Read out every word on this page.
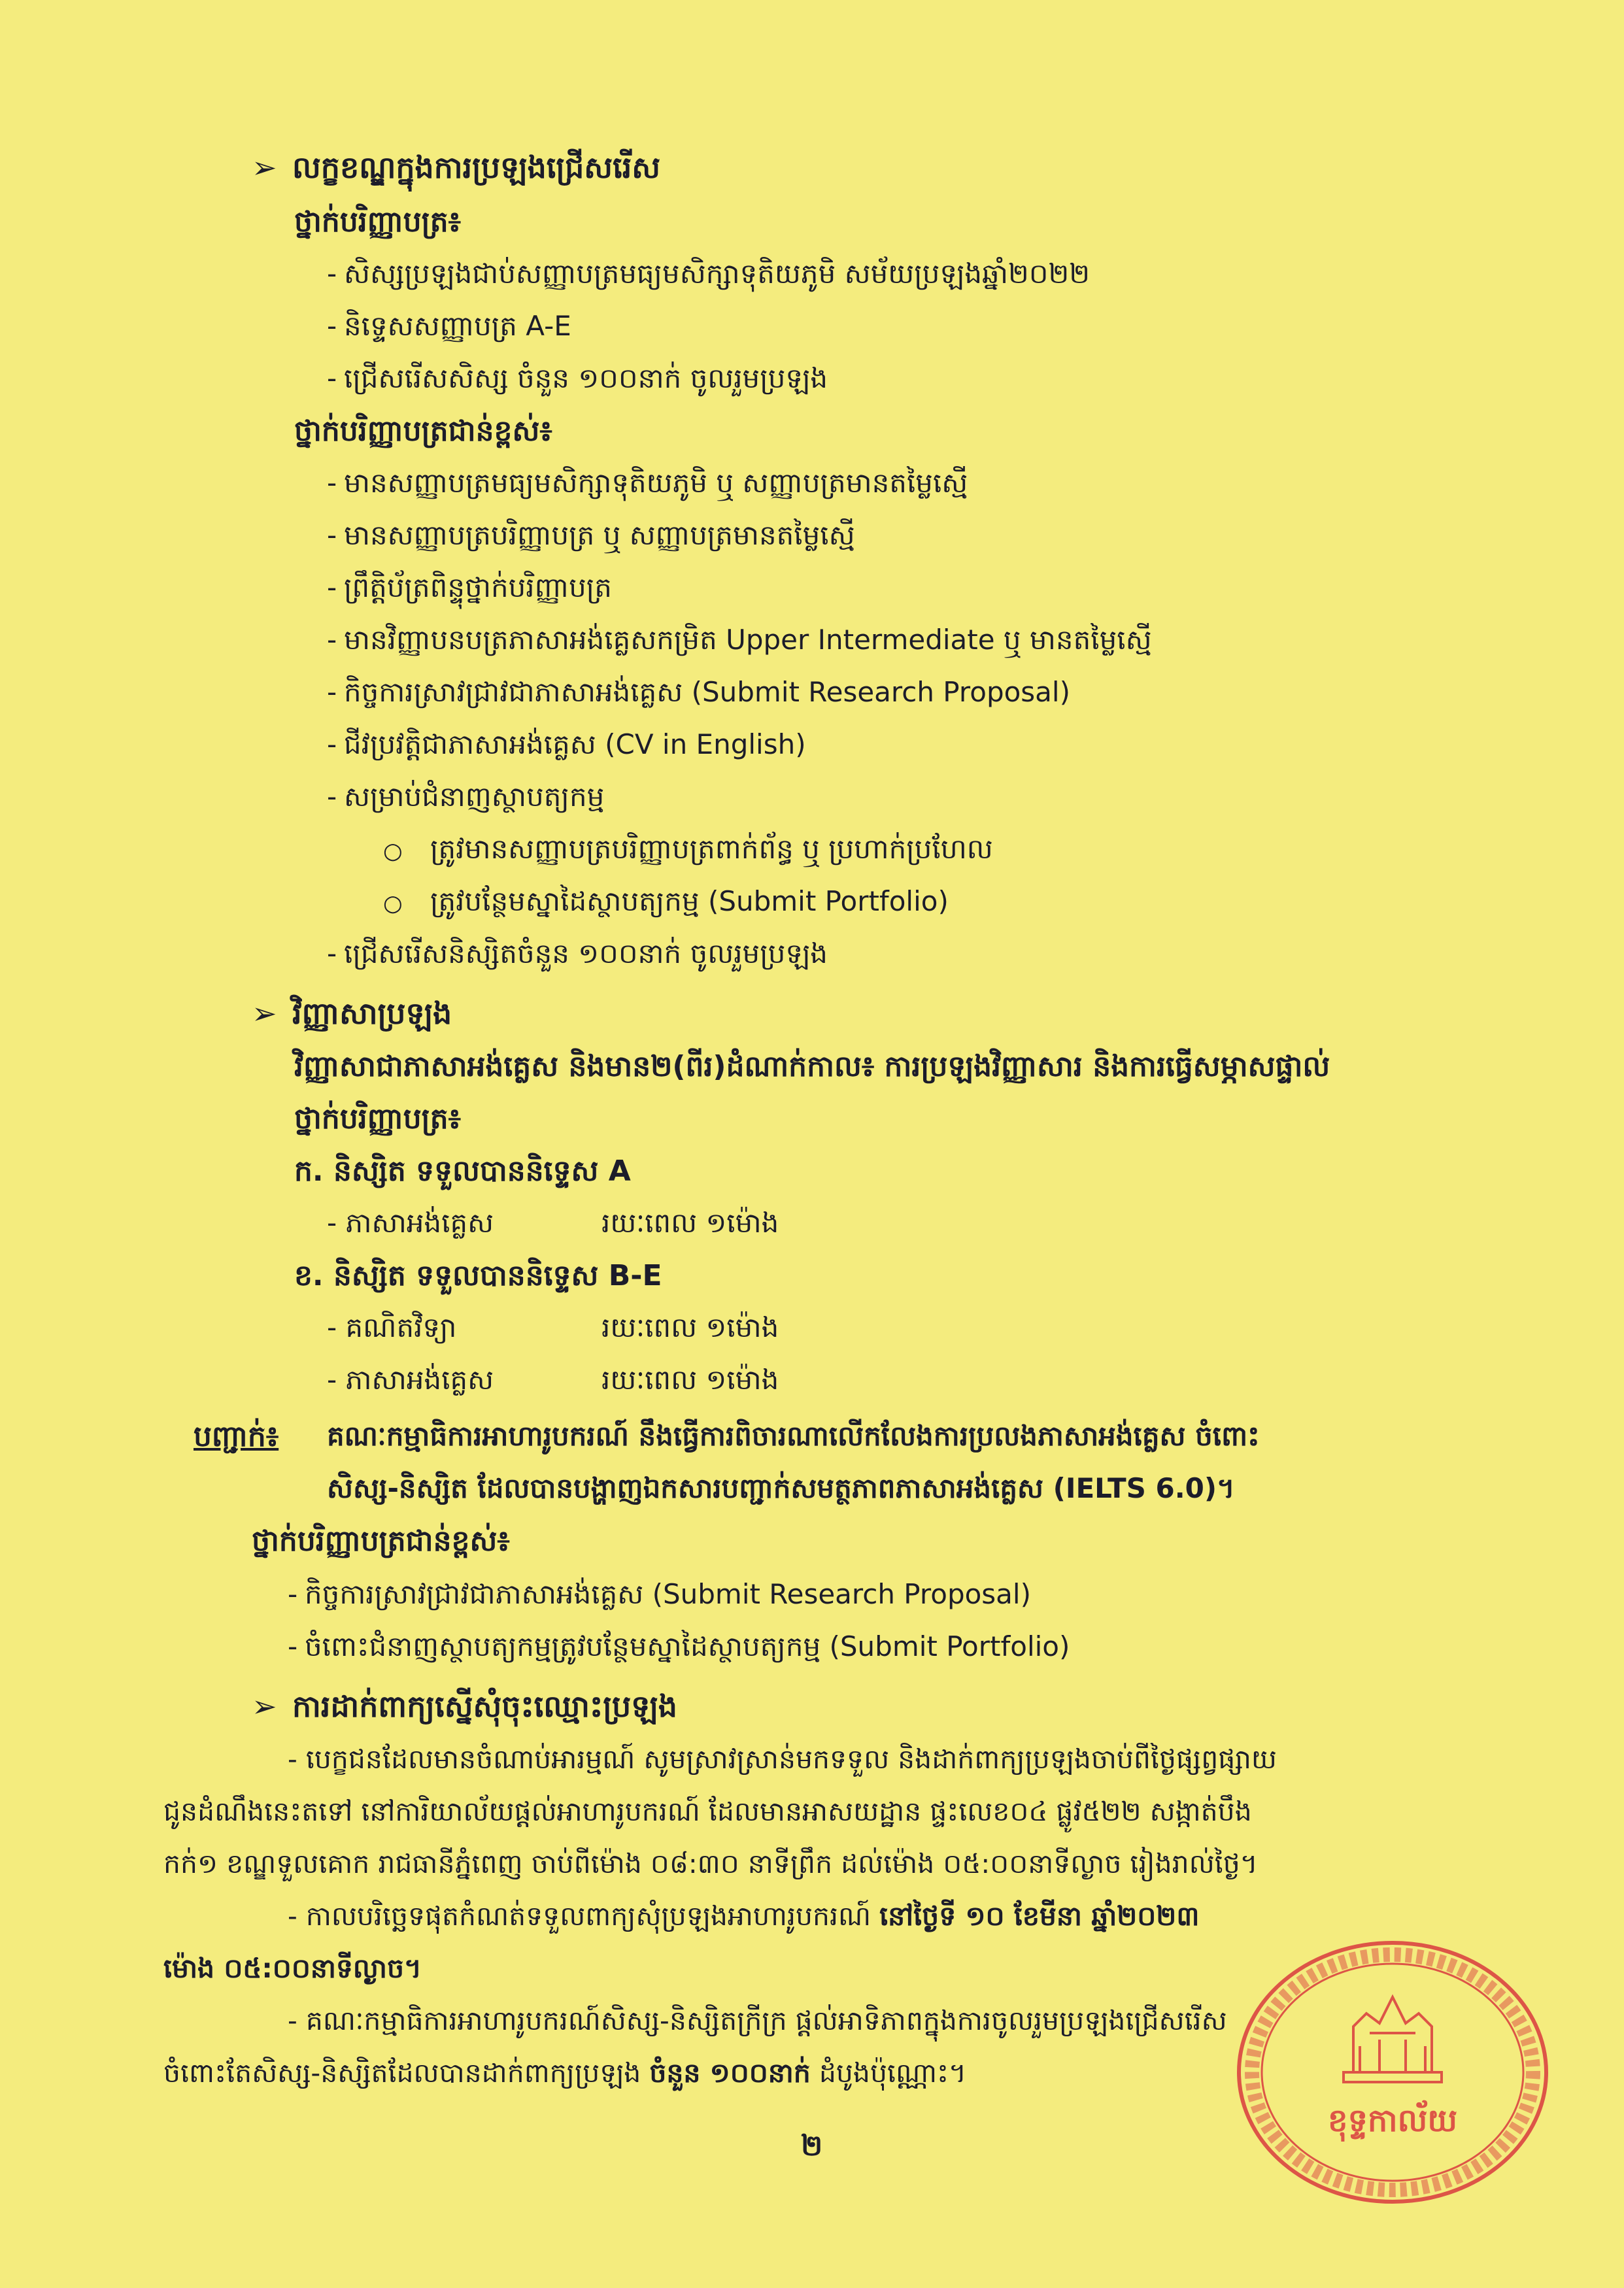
➢ លក្ខខណ្ឌក្នុងការប្រឡងជ្រើសរើស
ថ្នាក់បរិញ្ញាបត្រ៖
- សិស្សប្រឡងជាប់សញ្ញាបត្រមធ្យមសិក្សាទុតិយភូមិ សម័យប្រឡងឆ្នាំ២០២២
- និទ្ទេសសញ្ញាបត្រ A-E
- ជ្រើសរើសសិស្ស ចំនួន ១០០នាក់ ចូលរួមប្រឡង
ថ្នាក់បរិញ្ញាបត្រជាន់ខ្ពស់៖
- មានសញ្ញាបត្រមធ្យមសិក្សាទុតិយភូមិ ឬ សញ្ញាបត្រមានតម្លៃស្មើ
- មានសញ្ញាបត្របរិញ្ញាបត្រ ឬ សញ្ញាបត្រមានតម្លៃស្មើ
- ព្រឹត្តិប័ត្រពិន្ទុថ្នាក់បរិញ្ញាបត្រ
- មានវិញ្ញាបនបត្រភាសាអង់គ្លេសកម្រិត Upper Intermediate ឬ មានតម្លៃស្មើ
- កិច្ចការស្រាវជ្រាវជាភាសាអង់គ្លេស (Submit Research Proposal)
- ជីវប្រវត្តិជាភាសាអង់គ្លេស (CV in English)
- សម្រាប់ជំនាញស្ថាបត្យកម្ម
○ ត្រូវមានសញ្ញាបត្របរិញ្ញាបត្រពាក់ព័ន្ធ ឬ ប្រហាក់ប្រហែល
○ ត្រូវបន្ថែមស្នាដៃស្ថាបត្យកម្ម (Submit Portfolio)
- ជ្រើសរើសនិស្សិតចំនួន ១០០នាក់ ចូលរួមប្រឡង
➢ វិញ្ញាសាប្រឡង
វិញ្ញាសាជាភាសាអង់គ្លេស និងមាន២(ពីរ)ដំណាក់កាល៖ ការប្រឡងវិញ្ញាសារ និងការធ្វើសម្ភាសផ្ទាល់
ថ្នាក់បរិញ្ញាបត្រ៖
ក. និស្សិត ទទួលបាននិទ្ទេស A
- ភាសាអង់គ្លេស	រយៈពេល ១ម៉ោង
ខ. និស្សិត ទទួលបាននិទ្ទេស B-E
- គណិតវិទ្យា	រយៈពេល ១ម៉ោង
- ភាសាអង់គ្លេស	រយៈពេល ១ម៉ោង
បញ្ជាក់៖ គណៈកម្មាធិការអាហារូបករណ៍ នឹងធ្វើការពិចារណាលើកលែងការប្រលងភាសាអង់គ្លេស ចំពោះ
សិស្ស-និស្សិត ដែលបានបង្ហាញឯកសារបញ្ជាក់សមត្ថភាពភាសាអង់គ្លេស (IELTS 6.0)។
ថ្នាក់បរិញ្ញាបត្រជាន់ខ្ពស់៖
- កិច្ចការស្រាវជ្រាវជាភាសាអង់គ្លេស (Submit Research Proposal)
- ចំពោះជំនាញស្ថាបត្យកម្មត្រូវបន្ថែមស្នាដៃស្ថាបត្យកម្ម (Submit Portfolio)
➢ ការដាក់ពាក្យស្នើសុំចុះឈ្មោះប្រឡង
- បេក្ខជនដែលមានចំណាប់អារម្មណ៍ សូមស្រាវស្រាន់មកទទួល និងដាក់ពាក្យប្រឡងចាប់ពីថ្ងៃផ្សព្វផ្សាយ
ជូនដំណឹងនេះតទៅ នៅការិយាល័យផ្តល់អាហារូបករណ៍ ដែលមានអាសយដ្ឋាន ផ្ទះលេខ០៤ ផ្លូវ៥២២ សង្កាត់បឹង
កក់១ ខណ្ឌទួលគោក រាជធានីភ្នំពេញ ចាប់ពីម៉ោង ០៨:៣០ នាទីព្រឹក ដល់ម៉ោង ០៥:០០នាទីល្ងាច រៀងរាល់ថ្ងៃ។
- កាលបរិច្ឆេទផុតកំណត់ទទួលពាក្យសុំប្រឡងអាហារូបករណ៍ នៅថ្ងៃទី ១០ ខែមីនា ឆ្នាំ២០២៣
ម៉ោង ០៥:០០នាទីល្ងាច។
- គណៈកម្មាធិការអាហារូបករណ៍សិស្ស-និស្សិតក្រីក្រ ផ្តល់អាទិភាពក្នុងការចូលរួមប្រឡងជ្រើសរើស
ចំពោះតែសិស្ស-និស្សិតដែលបានដាក់ពាក្យប្រឡង ចំនួន ១០០នាក់ ដំបូងប៉ុណ្ណោះ។
២
ខុទ្ទកាល័យ
